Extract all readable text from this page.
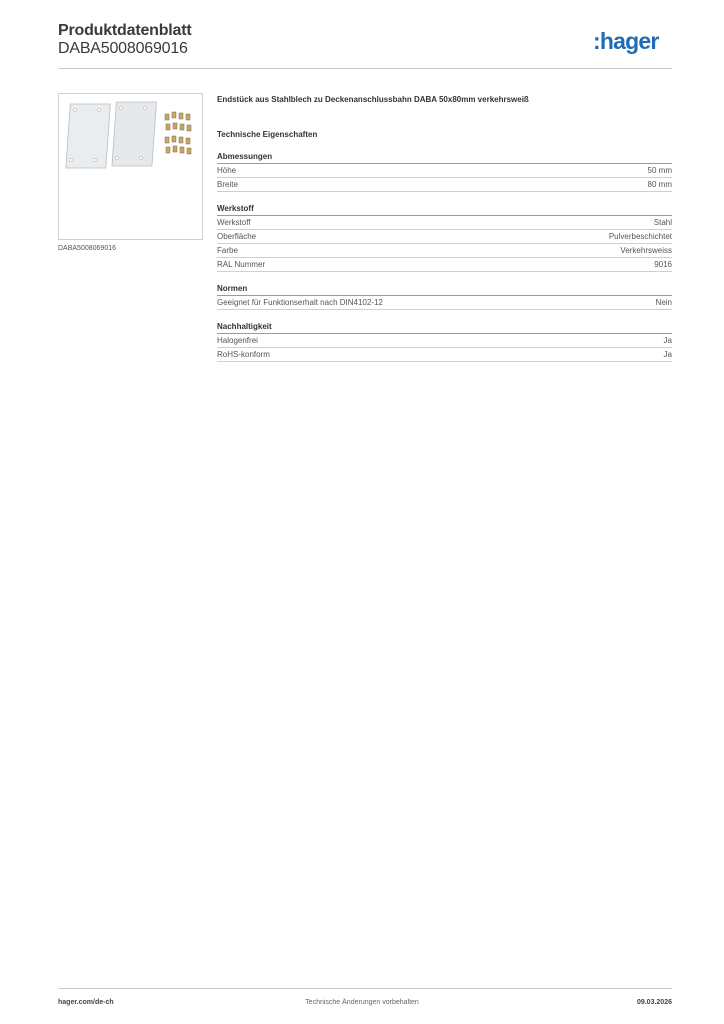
Produktdatenblatt
DABA5008069016	:hager
DABA5008069016
Endstück aus Stahlblech zu Deckenanschlussbahn DABA 50x80mm verkehrsweiß
Technische Eigenschaften
Abmessungen
Höhe	50 mm
Breite	80 mm
Werkstoff
Werkstoff	Stahl
Oberfläche	Pulverbeschichtet
Farbe	Verkehrsweiss
RAL Nummer	9016
Normen
Geeignet für Funktionserhalt nach DIN4102-12	Nein
Nachhaltigkeit
Halogenfrei	Ja
RoHS-konform	Ja
hager.com/de-ch	Technische Änderungen vorbehalten	09.03.2026
